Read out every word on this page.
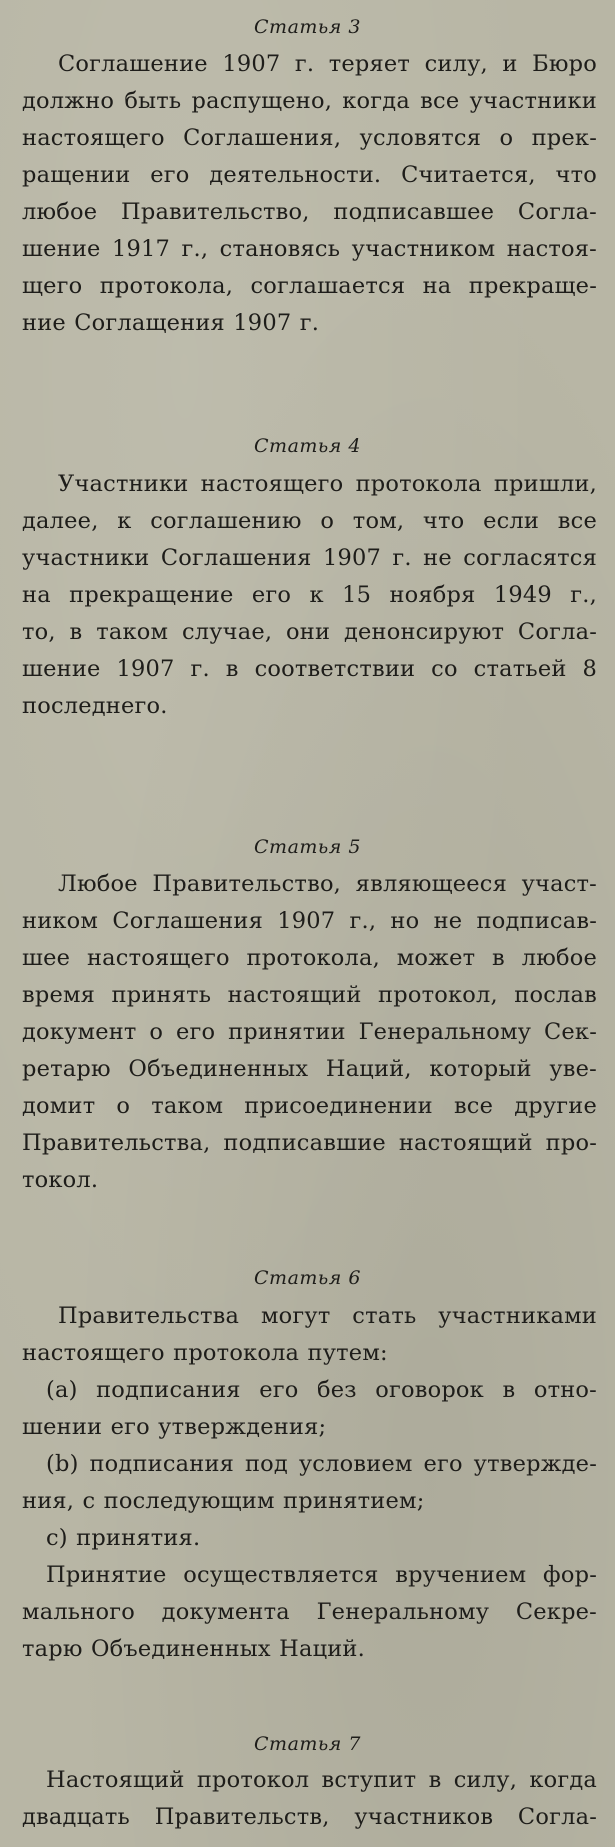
Статья 3
Соглашение 1907 г. теряет силу, и Бюро
должно быть распущено, когда все участники
настоящего Соглашения, условятся о прек-
ращении его деятельности. Считается, что
любое Правительство, подписавшее Согла-
шение 1917 г., становясь участником настоя-
щего протокола, соглашается на прекраще-
ние Соглащения 1907 г.
Статья 4
Участники настоящего протокола пришли,
далее, к соглашению о том, что если все
участники Соглашения 1907 г. не согласятся
на прекращение его к 15 ноября 1949 г.,
то, в таком случае, они денонсируют Согла-
шение 1907 г. в соответствии со статьей 8
последнего.
Статья 5
Любое Правительство, являющееся участ-
ником Соглашения 1907 г., но не подписав-
шее настоящего протокола, может в любое
время принять настоящий протокол, послав
документ о его принятии Генеральному Сек-
ретарю Объединенных Наций, который уве-
домит о таком присоединении все другие
Правительства, подписавшие настоящий про-
токол.
Статья 6
Правительства могут стать участниками
настоящего протокола путем:
(а) подписания его без оговорок в отно-
шении его утверждения;
(b) подписания под условием его утвержде-
ния, с последующим принятием;
с) принятия.
Принятие осуществляется вручением фор-
мального документа Генеральному Секре-
тарю Объединенных Наций.
Статья 7
Настоящий протокол вступит в силу, когда
двадцать Правительств, участников Согла-
